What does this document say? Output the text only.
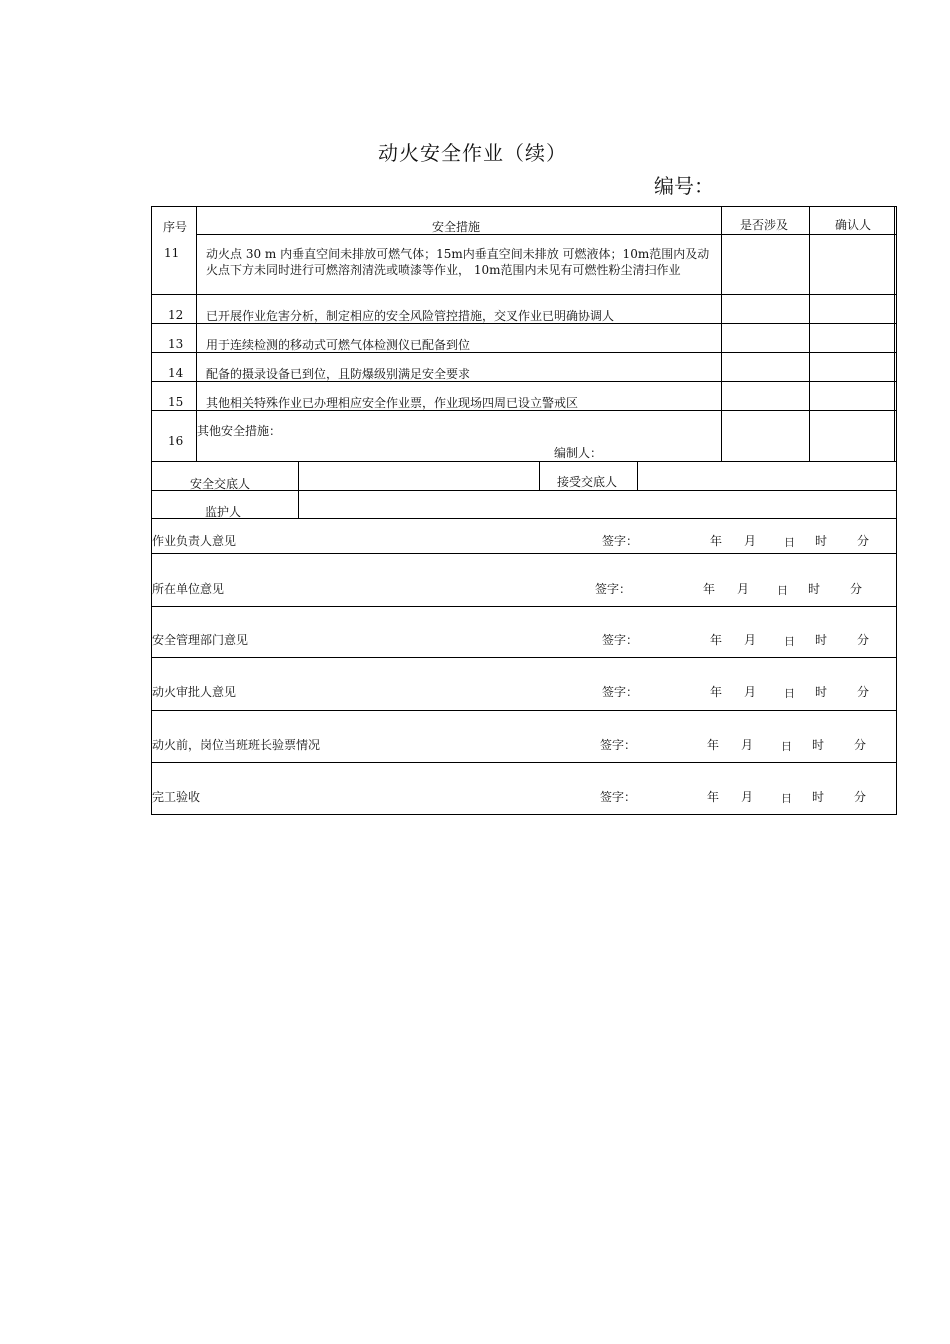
动火安全作业（续）
编号：
序号	安全措施	是否涉及	确认人
11 动火点 30 m 内垂直空间未排放可燃气体；15m内垂直空间未排放 可燃液体；10m范围内及动火点下方未同时进行可燃溶剂清洗或喷漆等作业， 10m范围内未见有可燃性粉尘清扫作业
12 已开展作业危害分析，制定相应的安全风险管控措施，交叉作业已明确协调人
13 用于连续检测的移动式可燃气体检测仪已配备到位
14 配备的摄录设备已到位，且防爆级别满足安全要求
15 其他相关特殊作业已办理相应安全作业票，作业现场四周已设立警戒区
16
其他安全措施：
编制人：
安全交底人	接受交底人
监护人
作业负责人意见	签字：	年 月	日 时 分
所在单位意见	签字：	年 月	日 时 分
安全管理部门意见	签字：	年 月	日 时 分
动火审批人意见	签字：	年 月	日 时 分
动火前，岗位当班班长验票情况	签字：	年 月	日 时 分
完工验收	签字：	年 月	日 时 分
